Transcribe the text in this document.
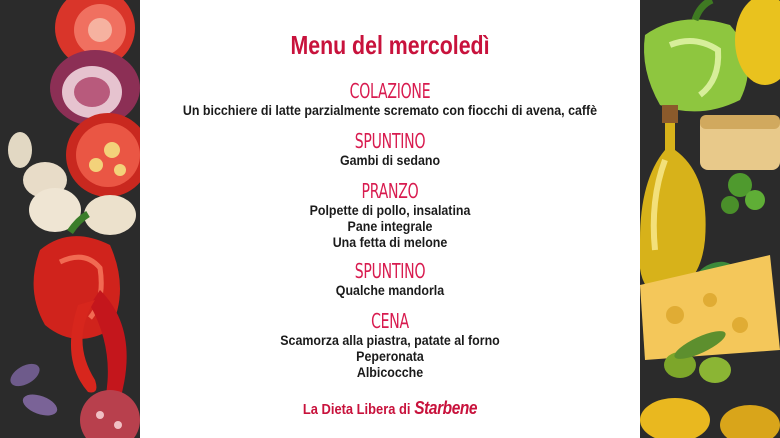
Menu del mercoledì
COLAZIONE
Un bicchiere di latte parzialmente scremato con fiocchi di avena, caffè
SPUNTINO
Gambi di sedano
PRANZO
Polpette di pollo, insalatina
Pane integrale
Una fetta di melone
SPUNTINO
Qualche mandorla
CENA
Scamorza alla piastra, patate al forno
Peperonata
Albicocche
La Dieta Libera di Starbene
